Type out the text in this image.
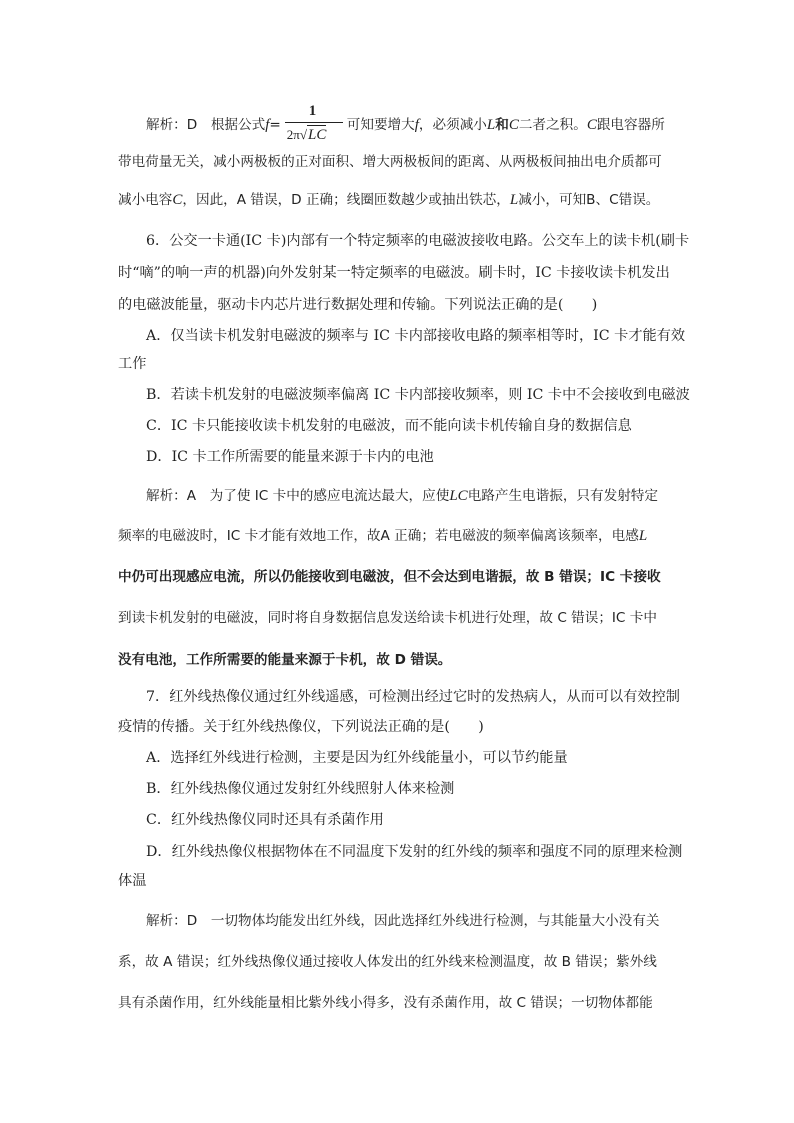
解析：D　根据公式$f= \frac{1}{2\pi√LC}$ 可知要增大f，必须减小L和C二者之积。C跟电容器所
带电荷量无关，减小两极板的正对面积、增大两极板间的距离、从两极板间抽出电介质都可
减小电容C，因此，A 错误，D 正确；线圈匝数越少或抽出铁芯，L减小，可知B、C错误。
6．公交一卡通(IC 卡)内部有一个特定频率的电磁波接收电路。公交车上的读卡机(刷卡
时“嘀”的响一声的机器)向外发射某一特定频率的电磁波。刷卡时，IC 卡接收读卡机发出
的电磁波能量，驱动卡内芯片进行数据处理和传输。下列说法正确的是(　　)
A．仅当读卡机发射电磁波的频率与 IC 卡内部接收电路的频率相等时，IC 卡才能有效
工作
B．若读卡机发射的电磁波频率偏离 IC 卡内部接收频率，则 IC 卡中不会接收到电磁波
C．IC 卡只能接收读卡机发射的电磁波，而不能向读卡机传输自身的数据信息
D．IC 卡工作所需要的能量来源于卡内的电池
解析：A　为了使 IC 卡中的感应电流达最大，应使LC电路产生电谐振，只有发射特定
频率的电磁波时，IC 卡才能有效地工作，故A 正确；若电磁波的频率偏离该频率，电感L
中仍可出现感应电流，所以仍能接收到电磁波，但不会达到电谐振，故 B 错误；IC 卡接收
到读卡机发射的电磁波，同时将自身数据信息发送给读卡机进行处理，故 C 错误；IC 卡中
没有电池，工作所需要的能量来源于卡机，故 D 错误。
7．红外线热像仪通过红外线遥感，可检测出经过它时的发热病人，从而可以有效控制
疫情的传播。关于红外线热像仪，下列说法正确的是(　　)
A．选择红外线进行检测，主要是因为红外线能量小，可以节约能量
B．红外线热像仪通过发射红外线照射人体来检测
C．红外线热像仪同时还具有杀菌作用
D．红外线热像仪根据物体在不同温度下发射的红外线的频率和强度不同的原理来检测
体温
解析：D　一切物体均能发出红外线，因此选择红外线进行检测，与其能量大小没有关
系，故 A 错误；红外线热像仪通过接收人体发出的红外线来检测温度，故 B 错误；紫外线
具有杀菌作用，红外线能量相比紫外线小得多，没有杀菌作用，故 C 错误；一切物体都能
